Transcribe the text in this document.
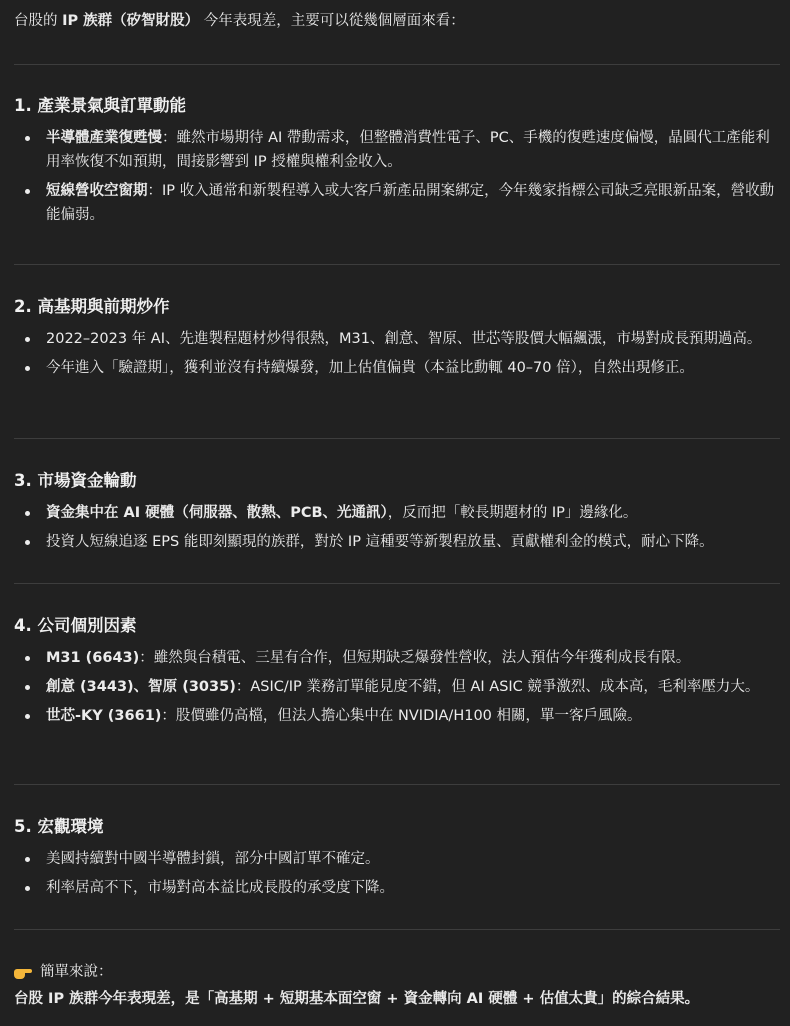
台股的 IP 族群（矽智財股） 今年表現差，主要可以從幾個層面來看：
1. 產業景氣與訂單動能
半導體產業復甦慢：雖然市場期待 AI 帶動需求，但整體消費性電子、PC、手機的復甦速度偏慢，晶圓代工產能利用率恢復不如預期，間接影響到 IP 授權與權利金收入。
短線營收空窗期：IP 收入通常和新製程導入或大客戶新產品開案綁定，今年幾家指標公司缺乏亮眼新品案，營收動能偏弱。
2. 高基期與前期炒作
2022–2023 年 AI、先進製程題材炒得很熱，M31、創意、智原、世芯等股價大幅飆漲，市場對成長預期過高。
今年進入「驗證期」，獲利並沒有持續爆發，加上估值偏貴（本益比動輒 40–70 倍），自然出現修正。
3. 市場資金輪動
資金集中在 AI 硬體（伺服器、散熱、PCB、光通訊），反而把「較長期題材的 IP」邊緣化。
投資人短線追逐 EPS 能即刻顯現的族群，對於 IP 這種要等新製程放量、貢獻權利金的模式，耐心下降。
4. 公司個別因素
M31 (6643)：雖然與台積電、三星有合作，但短期缺乏爆發性營收，法人預估今年獲利成長有限。
創意 (3443)、智原 (3035)：ASIC/IP 業務訂單能見度不錯，但 AI ASIC 競爭激烈、成本高，毛利率壓力大。
世芯-KY (3661)：股價雖仍高檔，但法人擔心集中在 NVIDIA/H100 相關，單一客戶風險。
5. 宏觀環境
美國持續對中國半導體封鎖，部分中國訂單不確定。
利率居高不下，市場對高本益比成長股的承受度下降。
簡單來說：
台股 IP 族群今年表現差，是「高基期 + 短期基本面空窗 + 資金轉向 AI 硬體 + 估值太貴」的綜合結果。
